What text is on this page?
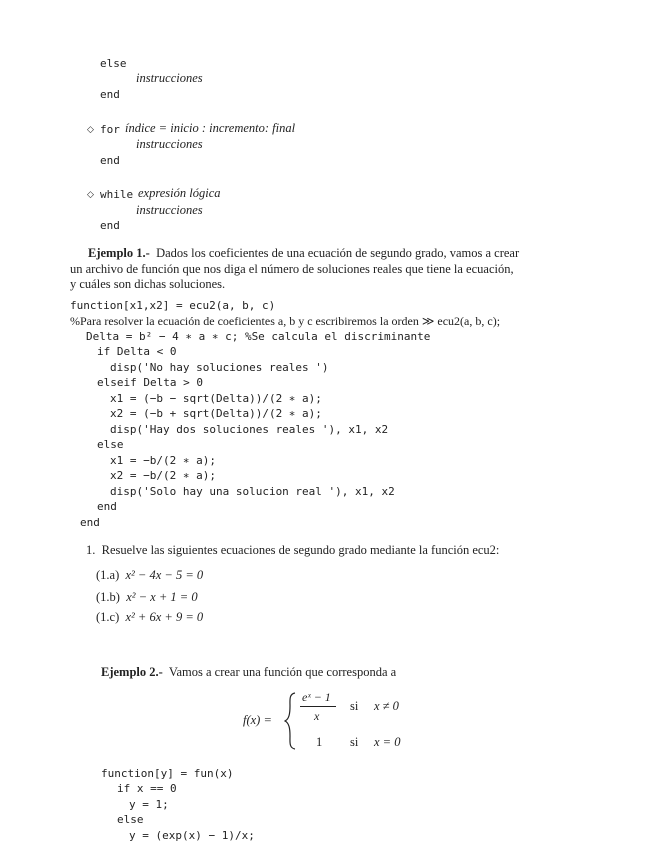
else
instrucciones
end
◇ for índice = inicio : incremento: final
instrucciones
end
◇ while expresión lógica
instrucciones
end
Ejemplo 1.- Dados los coeficientes de una ecuación de segundo grado, vamos a crear
un archivo de función que nos diga el número de soluciones reales que tiene la ecuación,
y cuáles son dichas soluciones.
function[x1,x2] = ecu2(a, b, c)
%Para resolver la ecuación de coeficientes a, b y c escribiremos la orden ≫ ecu2(a, b, c);
Delta = b² − 4 ∗ a ∗ c; %Se calcula el discriminante
if Delta < 0
disp('No hay soluciones reales ')
elseif Delta > 0
x1 = (−b − sqrt(Delta))/(2 ∗ a);
x2 = (−b + sqrt(Delta))/(2 ∗ a);
disp('Hay dos soluciones reales '), x1, x2
else
x1 = −b/(2 ∗ a);
x2 = −b/(2 ∗ a);
disp('Solo hay una solucion real '), x1, x2
end
end
1. Resuelve las siguientes ecuaciones de segundo grado mediante la función ecu2:
(1.a) x² − 4x − 5 = 0
(1.b) x² − x + 1 = 0
(1.c) x² + 6x + 9 = 0
Ejemplo 2.- Vamos a crear una función que corresponda a
f(x) =
eˣ − 1
x
si x ≠ 0
1 si x = 0
function[y] = fun(x)
if x == 0
y = 1;
else
y = (exp(x) − 1)/x;
